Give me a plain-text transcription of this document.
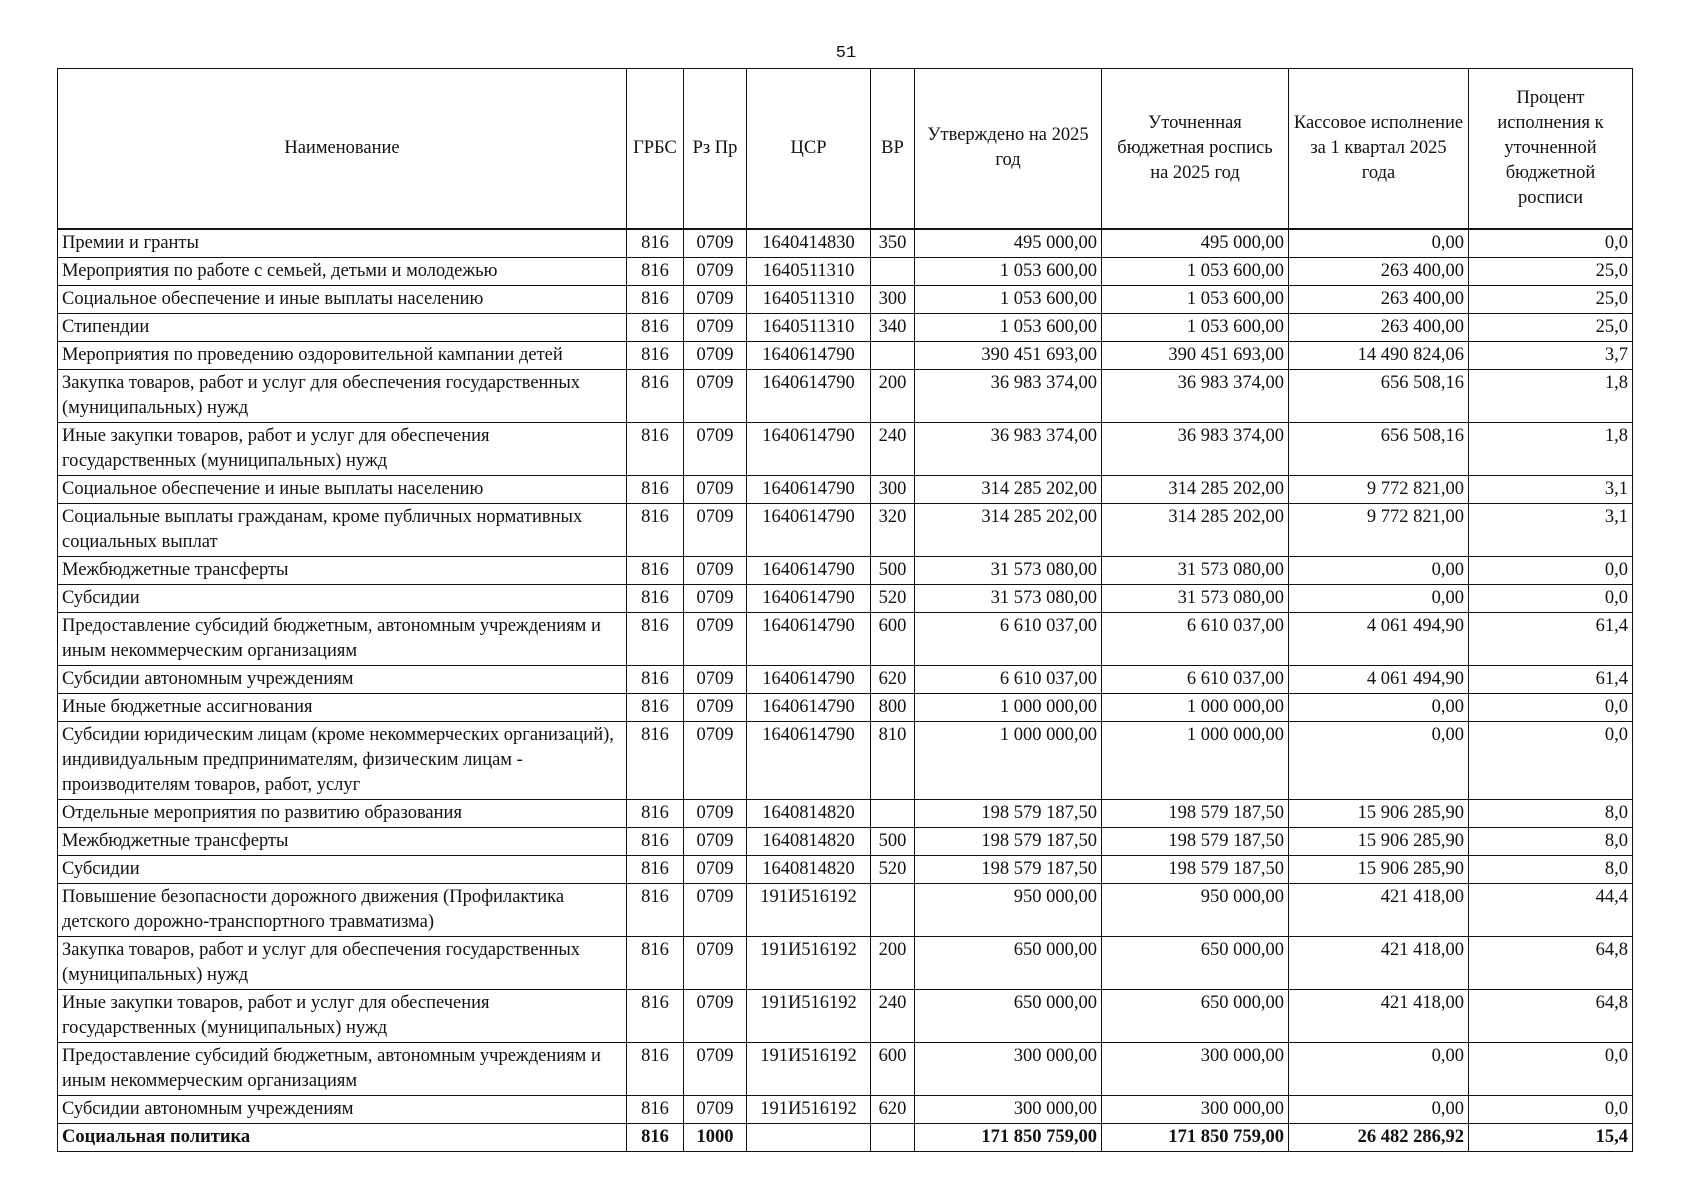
51
Наименование	ГРБС	Рз Пр	ЦСР	ВР	Утверждено на 2025 год	Уточненная бюджетная роспись на 2025 год	Кассовое исполнение за 1 квартал 2025 года	Процент исполнения к уточненной бюджетной росписи
Премии и гранты	816	0709	1640414830	350	495 000,00	495 000,00	0,00	0,0
Мероприятия по работе с семьей, детьми и молодежью	816	0709	1640511310		1 053 600,00	1 053 600,00	263 400,00	25,0
Социальное обеспечение и иные выплаты населению	816	0709	1640511310	300	1 053 600,00	1 053 600,00	263 400,00	25,0
Стипендии	816	0709	1640511310	340	1 053 600,00	1 053 600,00	263 400,00	25,0
Мероприятия по проведению оздоровительной кампании детей	816	0709	1640614790		390 451 693,00	390 451 693,00	14 490 824,06	3,7
Закупка товаров, работ и услуг для обеспечения государственных (муниципальных) нужд	816	0709	1640614790	200	36 983 374,00	36 983 374,00	656 508,16	1,8
Иные закупки товаров, работ и услуг для обеспечения государственных (муниципальных) нужд	816	0709	1640614790	240	36 983 374,00	36 983 374,00	656 508,16	1,8
Социальное обеспечение и иные выплаты населению	816	0709	1640614790	300	314 285 202,00	314 285 202,00	9 772 821,00	3,1
Социальные выплаты гражданам, кроме публичных нормативных социальных выплат	816	0709	1640614790	320	314 285 202,00	314 285 202,00	9 772 821,00	3,1
Межбюджетные трансферты	816	0709	1640614790	500	31 573 080,00	31 573 080,00	0,00	0,0
Субсидии	816	0709	1640614790	520	31 573 080,00	31 573 080,00	0,00	0,0
Предоставление субсидий бюджетным, автономным учреждениям и иным некоммерческим организациям	816	0709	1640614790	600	6 610 037,00	6 610 037,00	4 061 494,90	61,4
Субсидии автономным учреждениям	816	0709	1640614790	620	6 610 037,00	6 610 037,00	4 061 494,90	61,4
Иные бюджетные ассигнования	816	0709	1640614790	800	1 000 000,00	1 000 000,00	0,00	0,0
Субсидии юридическим лицам (кроме некоммерческих организаций), индивидуальным предпринимателям, физическим лицам - производителям товаров, работ, услуг	816	0709	1640614790	810	1 000 000,00	1 000 000,00	0,00	0,0
Отдельные мероприятия по развитию образования	816	0709	1640814820		198 579 187,50	198 579 187,50	15 906 285,90	8,0
Межбюджетные трансферты	816	0709	1640814820	500	198 579 187,50	198 579 187,50	15 906 285,90	8,0
Субсидии	816	0709	1640814820	520	198 579 187,50	198 579 187,50	15 906 285,90	8,0
Повышение безопасности дорожного движения (Профилактика детского дорожно-транспортного травматизма)	816	0709	191И516192		950 000,00	950 000,00	421 418,00	44,4
Закупка товаров, работ и услуг для обеспечения государственных (муниципальных) нужд	816	0709	191И516192	200	650 000,00	650 000,00	421 418,00	64,8
Иные закупки товаров, работ и услуг для обеспечения государственных (муниципальных) нужд	816	0709	191И516192	240	650 000,00	650 000,00	421 418,00	64,8
Предоставление субсидий бюджетным, автономным учреждениям и иным некоммерческим организациям	816	0709	191И516192	600	300 000,00	300 000,00	0,00	0,0
Субсидии автономным учреждениям	816	0709	191И516192	620	300 000,00	300 000,00	0,00	0,0
Социальная политика	816	1000			171 850 759,00	171 850 759,00	26 482 286,92	15,4
